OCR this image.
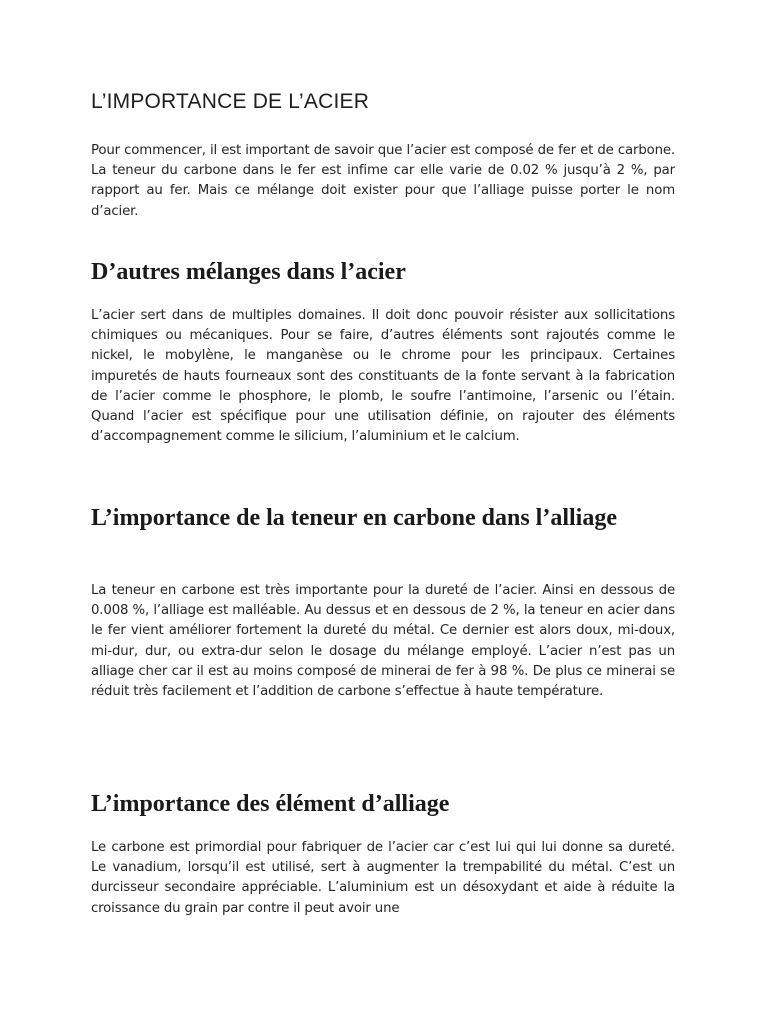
L’IMPORTANCE DE L’ACIER

Pour commencer, il est important de savoir que l’acier est composé de fer et de carbone. La teneur du carbone dans le fer est infime car elle varie de 0.02 % jusqu’à 2 %, par rapport au fer. Mais ce mélange doit exister pour que l’alliage puisse porter le nom d’acier.

D’autres mélanges dans l’acier

L’acier sert dans de multiples domaines. Il doit donc pouvoir résister aux sollicitations chimiques ou mécaniques. Pour se faire, d’autres éléments sont rajoutés comme le nickel, le mobylène, le manganèse ou le chrome pour les principaux. Certaines impuretés de hauts fourneaux sont des constituants de la fonte servant à la fabrication de l’acier comme le phosphore, le plomb, le soufre l’antimoine, l’arsenic ou l’étain. Quand l’acier est spécifique pour une utilisation définie, on rajouter des éléments d’accompagnement comme le silicium, l’aluminium et le calcium.

L’importance de la teneur en carbone dans l’alliage

La teneur en carbone est très importante pour la dureté de l’acier. Ainsi en dessous de 0.008 %, l’alliage est malléable. Au dessus et en dessous de 2 %, la teneur en acier dans le fer vient améliorer fortement la dureté du métal. Ce dernier est alors doux, mi-doux, mi-dur, dur, ou extra-dur selon le dosage du mélange employé. L’acier n’est pas un alliage cher car il est au moins composé de minerai de fer à 98 %. De plus ce minerai se réduit très facilement et l’addition de carbone s’effectue à haute température.

L’importance des élément d’alliage

Le carbone est primordial pour fabriquer de l’acier car c’est lui qui lui donne sa dureté. Le vanadium, lorsqu’il est utilisé, sert à augmenter la trempabilité du métal. C’est un durcisseur secondaire appréciable. L’aluminium est un désoxydant et aide à réduite la croissance du grain par contre il peut avoir une
